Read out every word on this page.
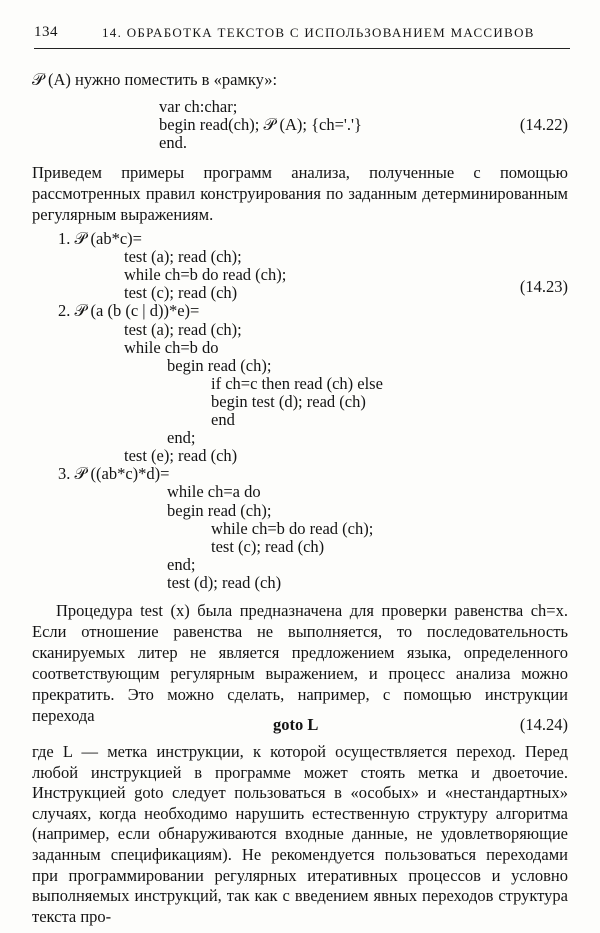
134	14. ОБРАБОТКА ТЕКСТОВ С ИСПОЛЬЗОВАНИЕМ МАССИВОВ
𝒫 (A) нужно поместить в «рамку»:
var ch:char;
begin read(ch); 𝒫 (A); {ch='.'}
end.
(14.22)
Приведем примеры программ анализа, полученные с помощью рассмотренных правил конструирования по заданным детерминированным регулярным выражениям.
1. 𝒫 (ab*c)=
test (a); read (ch);
while ch=b do read (ch);
test (c); read (ch)
2. 𝒫 (a (b (c | d))*e)=
test (a); read (ch);
while ch=b do
begin read (ch);
if ch=c then read (ch) else
begin test (d); read (ch)
end
end;
test (e); read (ch)
3. 𝒫 ((ab*c)*d)=
while ch=a do
begin read (ch);
while ch=b do read (ch);
test (c); read (ch)
end;
test (d); read (ch)
(14.23)
Процедура test (x) была предназначена для проверки равенства ch=x. Если отношение равенства не выполняется, то последовательность сканируемых литер не является предложением языка, определенного соответствующим регулярным выражением, и процесс анализа можно прекратить. Это можно сделать, например, с помощью инструкции перехода	goto L	(14.24)
где L — метка инструкции, к которой осуществляется переход. Перед любой инструкцией в программе может стоять метка и двоеточие. Инструкцией goto следует пользоваться в «особых» и «нестандартных» случаях, когда необходимо нарушить естественную структуру алгоритма (например, если обнаруживаются входные данные, не удовлетворяющие заданным спецификациям). Не рекомендуется пользоваться переходами при программировании регулярных итеративных процессов и условно выполняемых инструкций, так как с введением явных переходов структура текста про-
